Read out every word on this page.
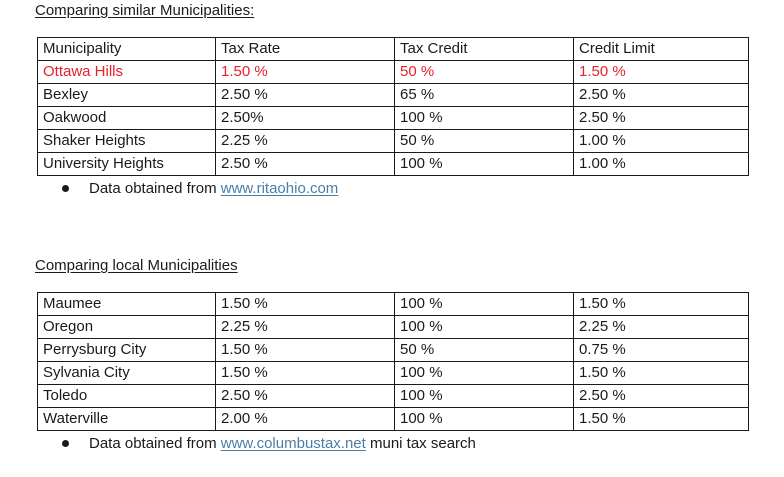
Comparing similar Municipalities:
Municipality	Tax Rate	Tax Credit	Credit Limit
Ottawa Hills	1.50 %	50 %	1.50 %
Bexley	2.50 %	65 %	2.50 %
Oakwood	2.50%	100 %	2.50 %
Shaker Heights	2.25 %	50 %	1.00 %
University Heights	2.50 %	100 %	1.00 %
Data obtained from www.ritaohio.com
Comparing local Municipalities
Maumee	1.50 %	100 %	1.50 %
Oregon	2.25 %	100 %	2.25 %
Perrysburg City	1.50 %	50 %	0.75 %
Sylvania City	1.50 %	100 %	1.50 %
Toledo	2.50 %	100 %	2.50 %
Waterville	2.00 %	100 %	1.50 %
Data obtained from www.columbustax.net muni tax search
